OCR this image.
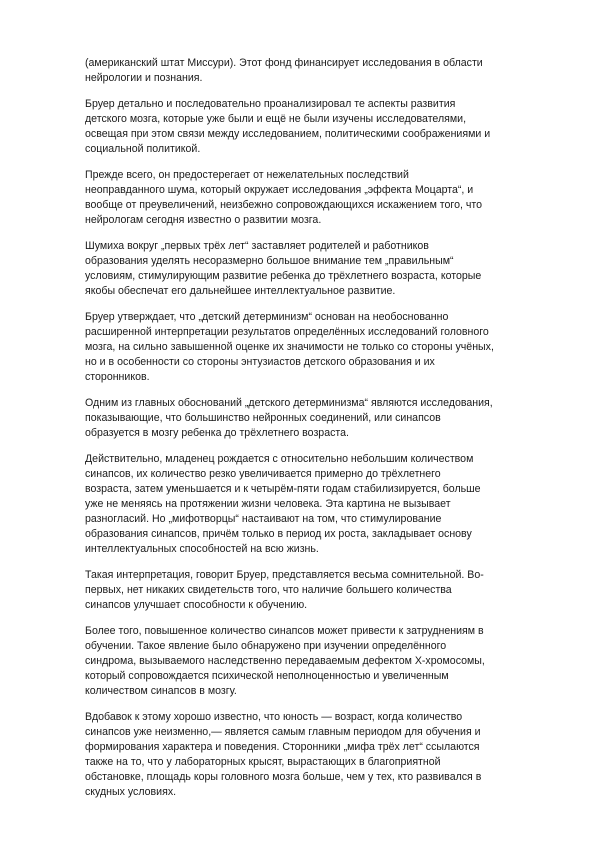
(американский штат Миссури). Этот фонд финансирует исследования в области
нейрологии и познания.

Бруер детально и последовательно проанализировал те аспекты развития
детского мозга, которые уже были и ещё не были изучены исследователями,
освещая при этом связи между исследованием, политическими соображениями и
социальной политикой.

Прежде всего, он предостерегает от нежелательных последствий
неоправданного шума, который окружает исследования „эффекта Моцарта“, и
вообще от преувеличений, неизбежно сопровождающихся искажением того, что
нейрологам сегодня известно о развитии мозга.

Шумиха вокруг „первых трёх лет“ заставляет родителей и работников
образования уделять несоразмерно большое внимание тем „правильным“
условиям, стимулирующим развитие ребенка до трёхлетнего возраста, которые
якобы обеспечат его дальнейшее интеллектуальное развитие.

Бруер утверждает, что „детский детерминизм“ основан на необоснованно
расширенной интерпретации результатов определённых исследований головного
мозга, на сильно завышенной оценке их значимости не только со стороны учёных,
но и в особенности со стороны энтузиастов детского образования и их
сторонников.

Одним из главных обоснований „детского детерминизма“ являются исследования,
показывающие, что большинство нейронных соединений, или синапсов
образуется в мозгу ребенка до трёхлетнего возраста.

Действительно, младенец рождается с относительно небольшим количеством
синапсов, их количество резко увеличивается примерно до трёхлетнего
возраста, затем уменьшается и к четырём-пяти годам стабилизируется, больше
уже не меняясь на протяжении жизни человека. Эта картина не вызывает
разногласий. Но „мифотворцы“ настаивают на том, что стимулирование
образования синапсов, причём только в период их роста, закладывает основу
интеллектуальных способностей на всю жизнь.

Такая интерпретация, говорит Бруер, представляется весьма сомнительной. Во-
первых, нет никаких свидетельств того, что наличие большего количества
синапсов улучшает способности к обучению.

Более того, повышенное количество синапсов может привести к затруднениям в
обучении. Такое явление было обнаружено при изучении определённого
синдрома, вызываемого наследственно передаваемым дефектом Х-хромосомы,
который сопровождается психической неполноценностью и увеличенным
количеством синапсов в мозгу.

Вдобавок к этому хорошо известно, что юность — возраст, когда количество
синапсов уже неизменно,— является самым главным периодом для обучения и
формирования характера и поведения. Сторонники „мифа трёх лет“ ссылаются
также на то, что у лабораторных крысят, вырастающих в благоприятной
обстановке, площадь коры головного мозга больше, чем у тех, кто развивался в
скудных условиях.
